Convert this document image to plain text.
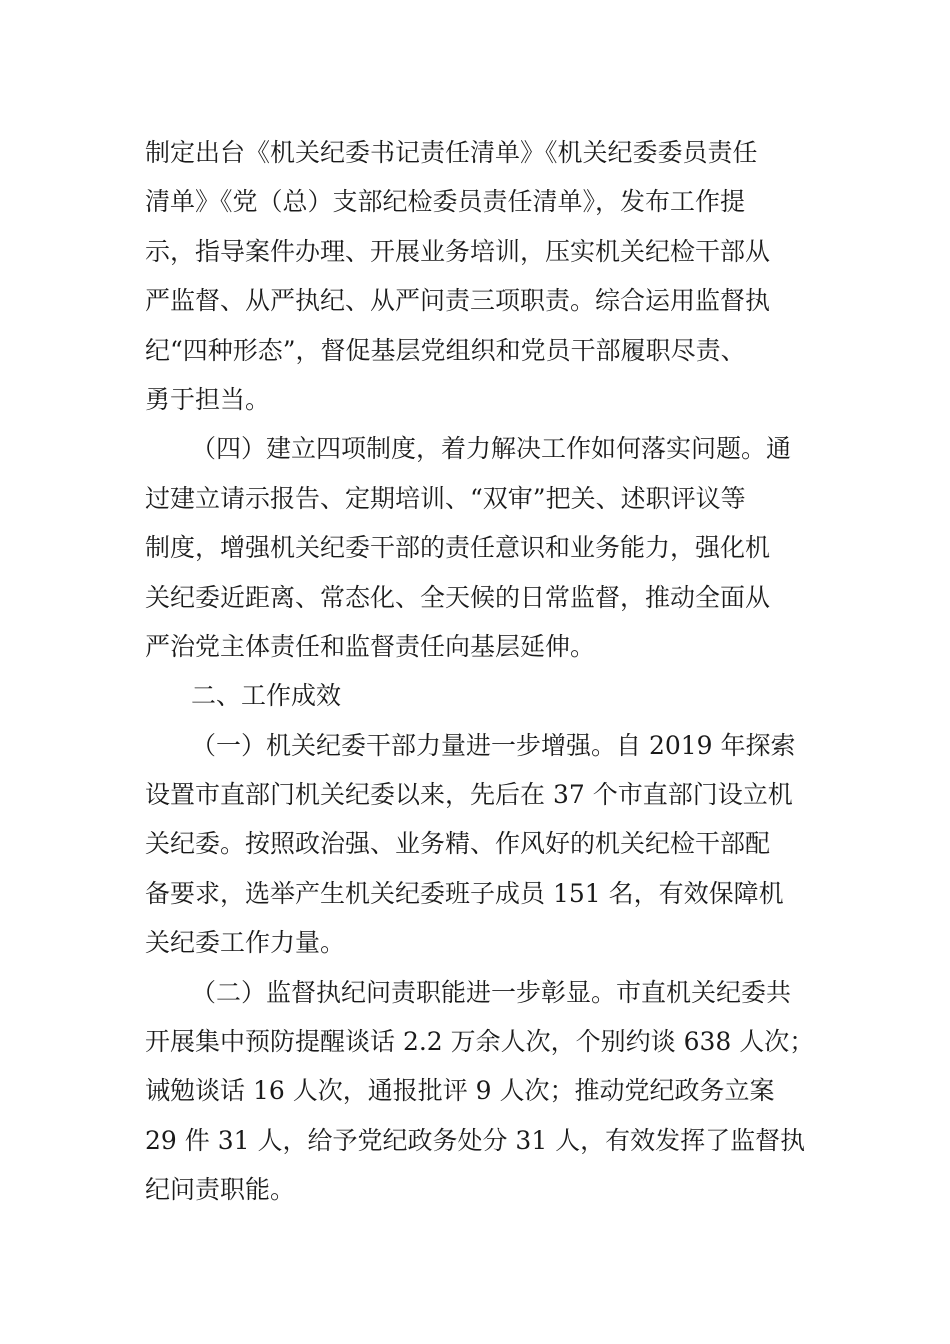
制定出台《机关纪委书记责任清单》《机关纪委委员责任
清单》《党（总）支部纪检委员责任清单》，发布工作提
示，指导案件办理、开展业务培训，压实机关纪检干部从
严监督、从严执纪、从严问责三项职责。综合运用监督执
纪“四种形态”，督促基层党组织和党员干部履职尽责、
勇于担当。
（四）建立四项制度，着力解决工作如何落实问题。通
过建立请示报告、定期培训、“双审”把关、述职评议等
制度，增强机关纪委干部的责任意识和业务能力，强化机
关纪委近距离、常态化、全天候的日常监督，推动全面从
严治党主体责任和监督责任向基层延伸。
二、工作成效
（一）机关纪委干部力量进一步增强。自 2019 年探索
设置市直部门机关纪委以来，先后在 37 个市直部门设立机
关纪委。按照政治强、业务精、作风好的机关纪检干部配
备要求，选举产生机关纪委班子成员 151 名，有效保障机
关纪委工作力量。
（二）监督执纪问责职能进一步彰显。市直机关纪委共
开展集中预防提醒谈话 2.2 万余人次，个别约谈 638 人次；
诫勉谈话 16 人次，通报批评 9 人次；推动党纪政务立案
29 件 31 人，给予党纪政务处分 31 人，有效发挥了监督执
纪问责职能。
